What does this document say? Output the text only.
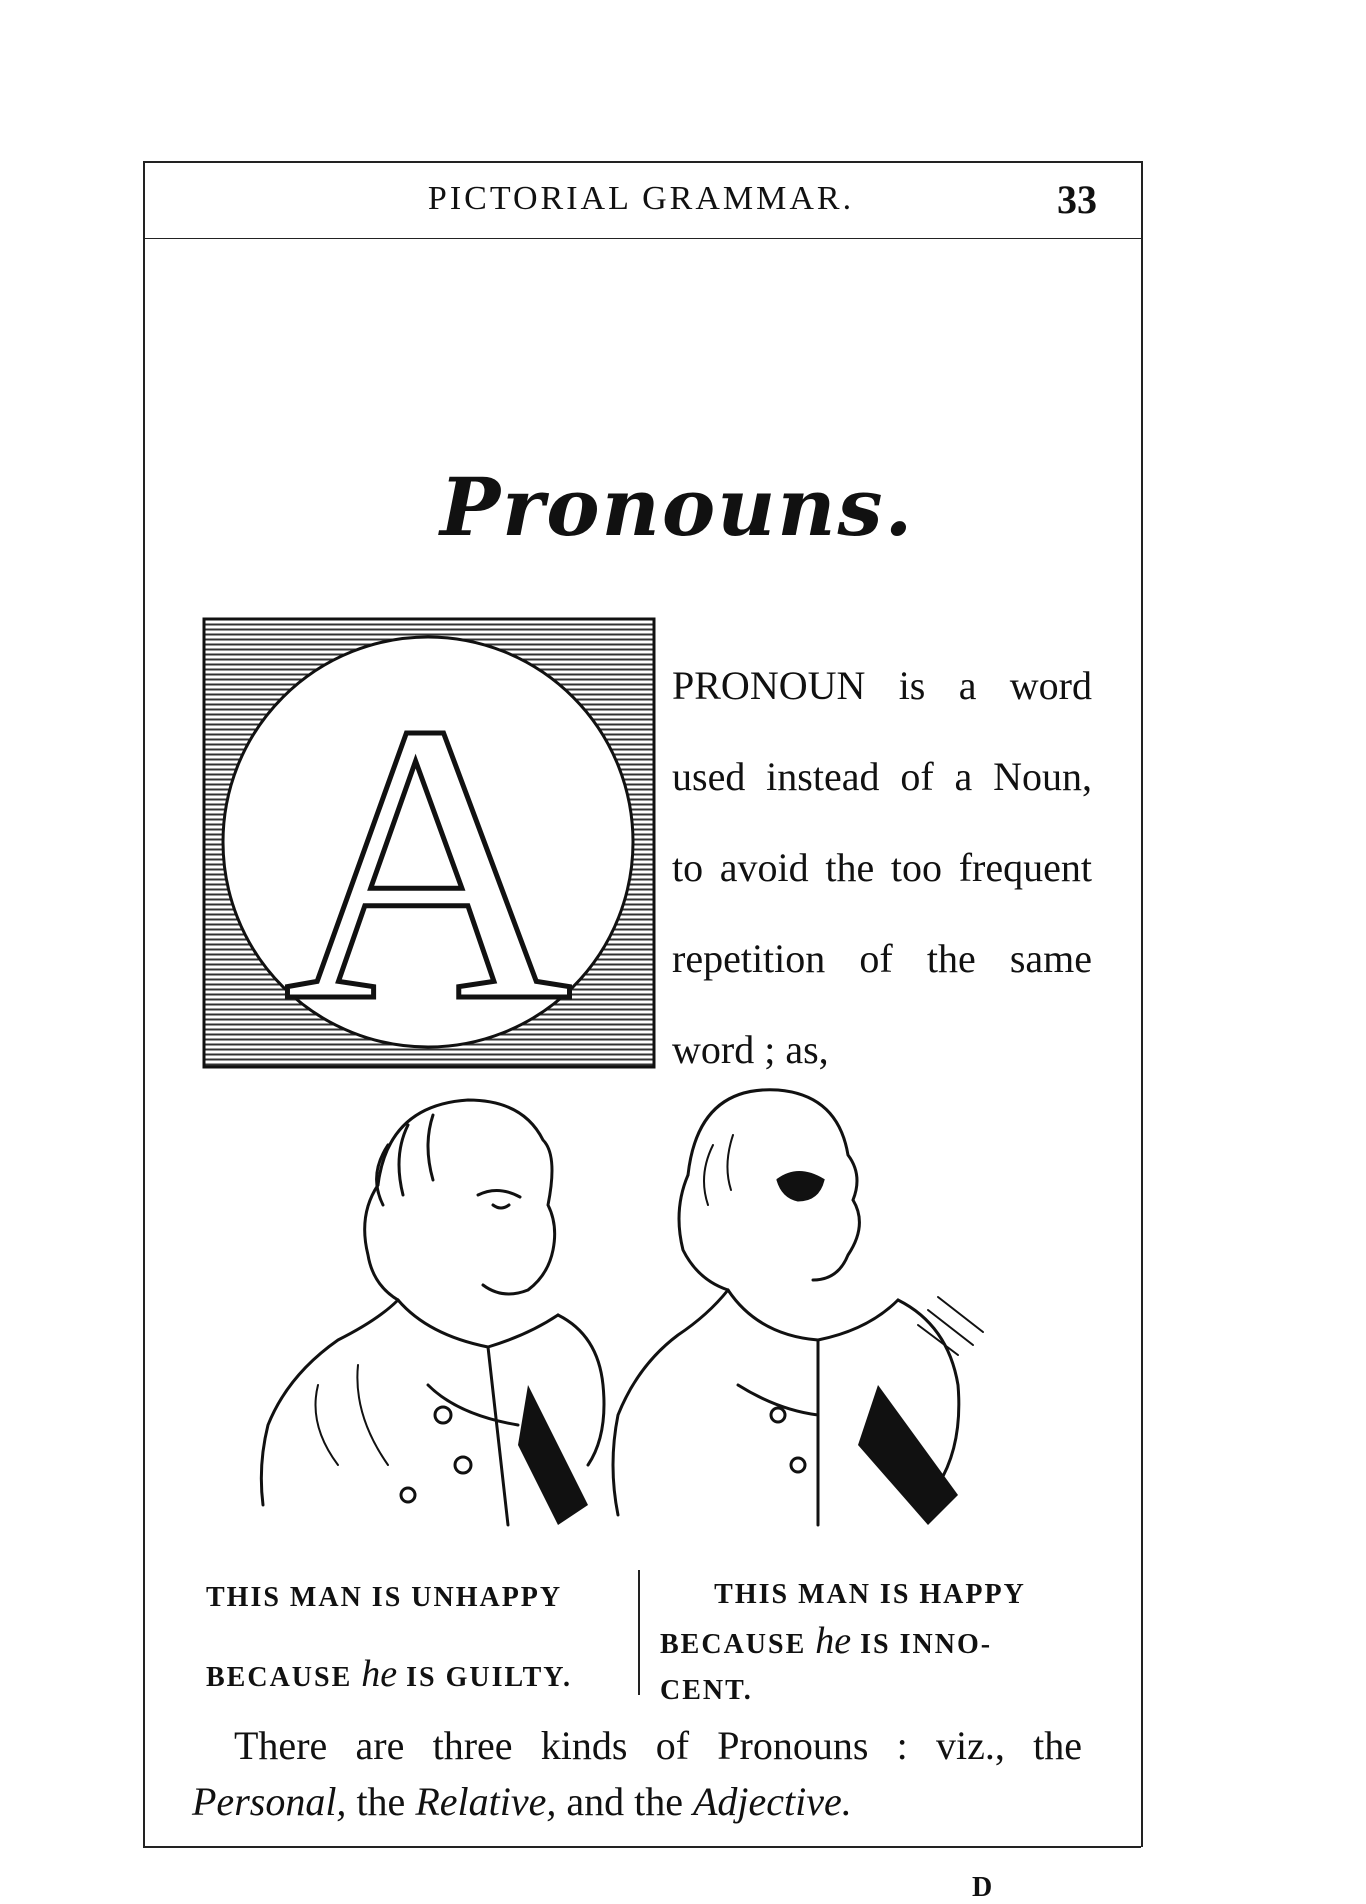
PICTORIAL GRAMMAR.	33
Pronouns.
A PRONOUN is a word
used instead of a Noun,
to avoid the too frequent
repetition of the same
word ; as,
THIS MAN IS UNHAPPY
BECAUSE he IS GUILTY.
THIS MAN IS HAPPY
BECAUSE he IS INNO-
CENT.
There are three kinds of Pronouns : viz., the
Personal, the Relative, and the Adjective.
D
